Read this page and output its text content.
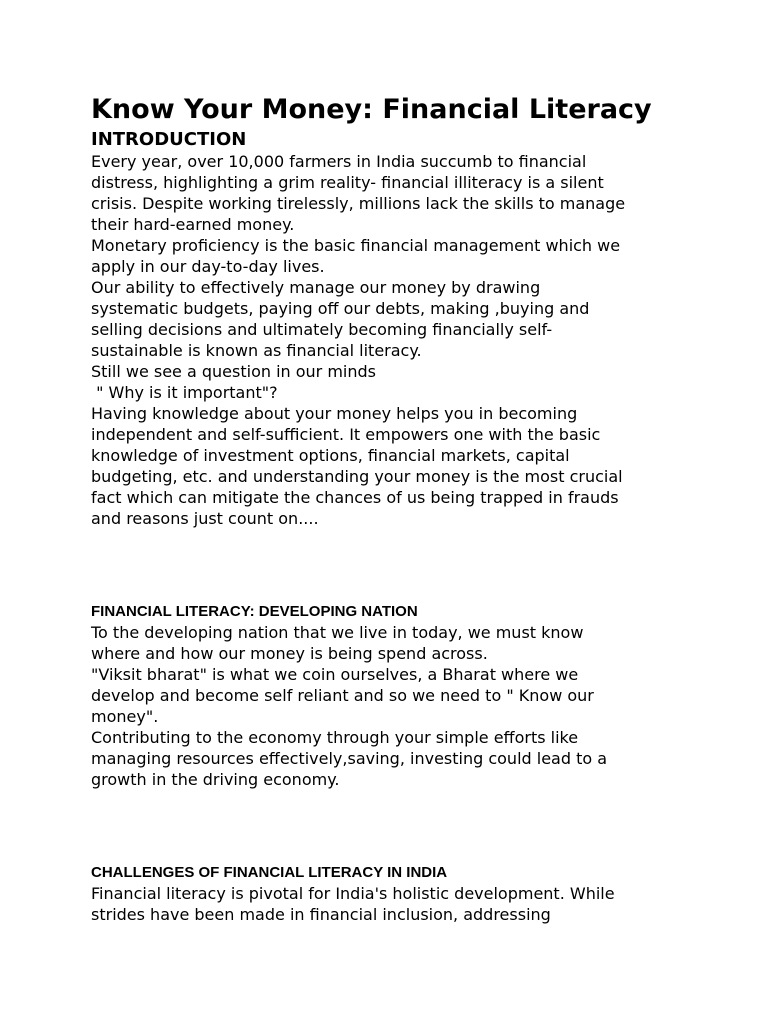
Know Your Money: Financial Literacy
INTRODUCTION
Every year, over 10,000 farmers in India succumb to financial
distress, highlighting a grim reality- financial illiteracy is a silent
crisis. Despite working tirelessly, millions lack the skills to manage
their hard-earned money.
Monetary proficiency is the basic financial management which we
apply in our day-to-day lives.
Our ability to effectively manage our money by drawing
systematic budgets, paying off our debts, making ,buying and
selling decisions and ultimately becoming financially self-
sustainable is known as financial literacy.
Still we see a question in our minds
" Why is it important"?
Having knowledge about your money helps you in becoming
independent and self-sufficient. It empowers one with the basic
knowledge of investment options, financial markets, capital
budgeting, etc. and understanding your money is the most crucial
fact which can mitigate the chances of us being trapped in frauds
and reasons just count on....
FINANCIAL LITERACY: DEVELOPING NATION
To the developing nation that we live in today, we must know
where and how our money is being spend across.
"Viksit bharat" is what we coin ourselves, a Bharat where we
develop and become self reliant and so we need to " Know our
money".
Contributing to the economy through your simple efforts like
managing resources effectively,saving, investing could lead to a
growth in the driving economy.
CHALLENGES OF FINANCIAL LITERACY IN INDIA
Financial literacy is pivotal for India's holistic development. While
strides have been made in financial inclusion, addressing
